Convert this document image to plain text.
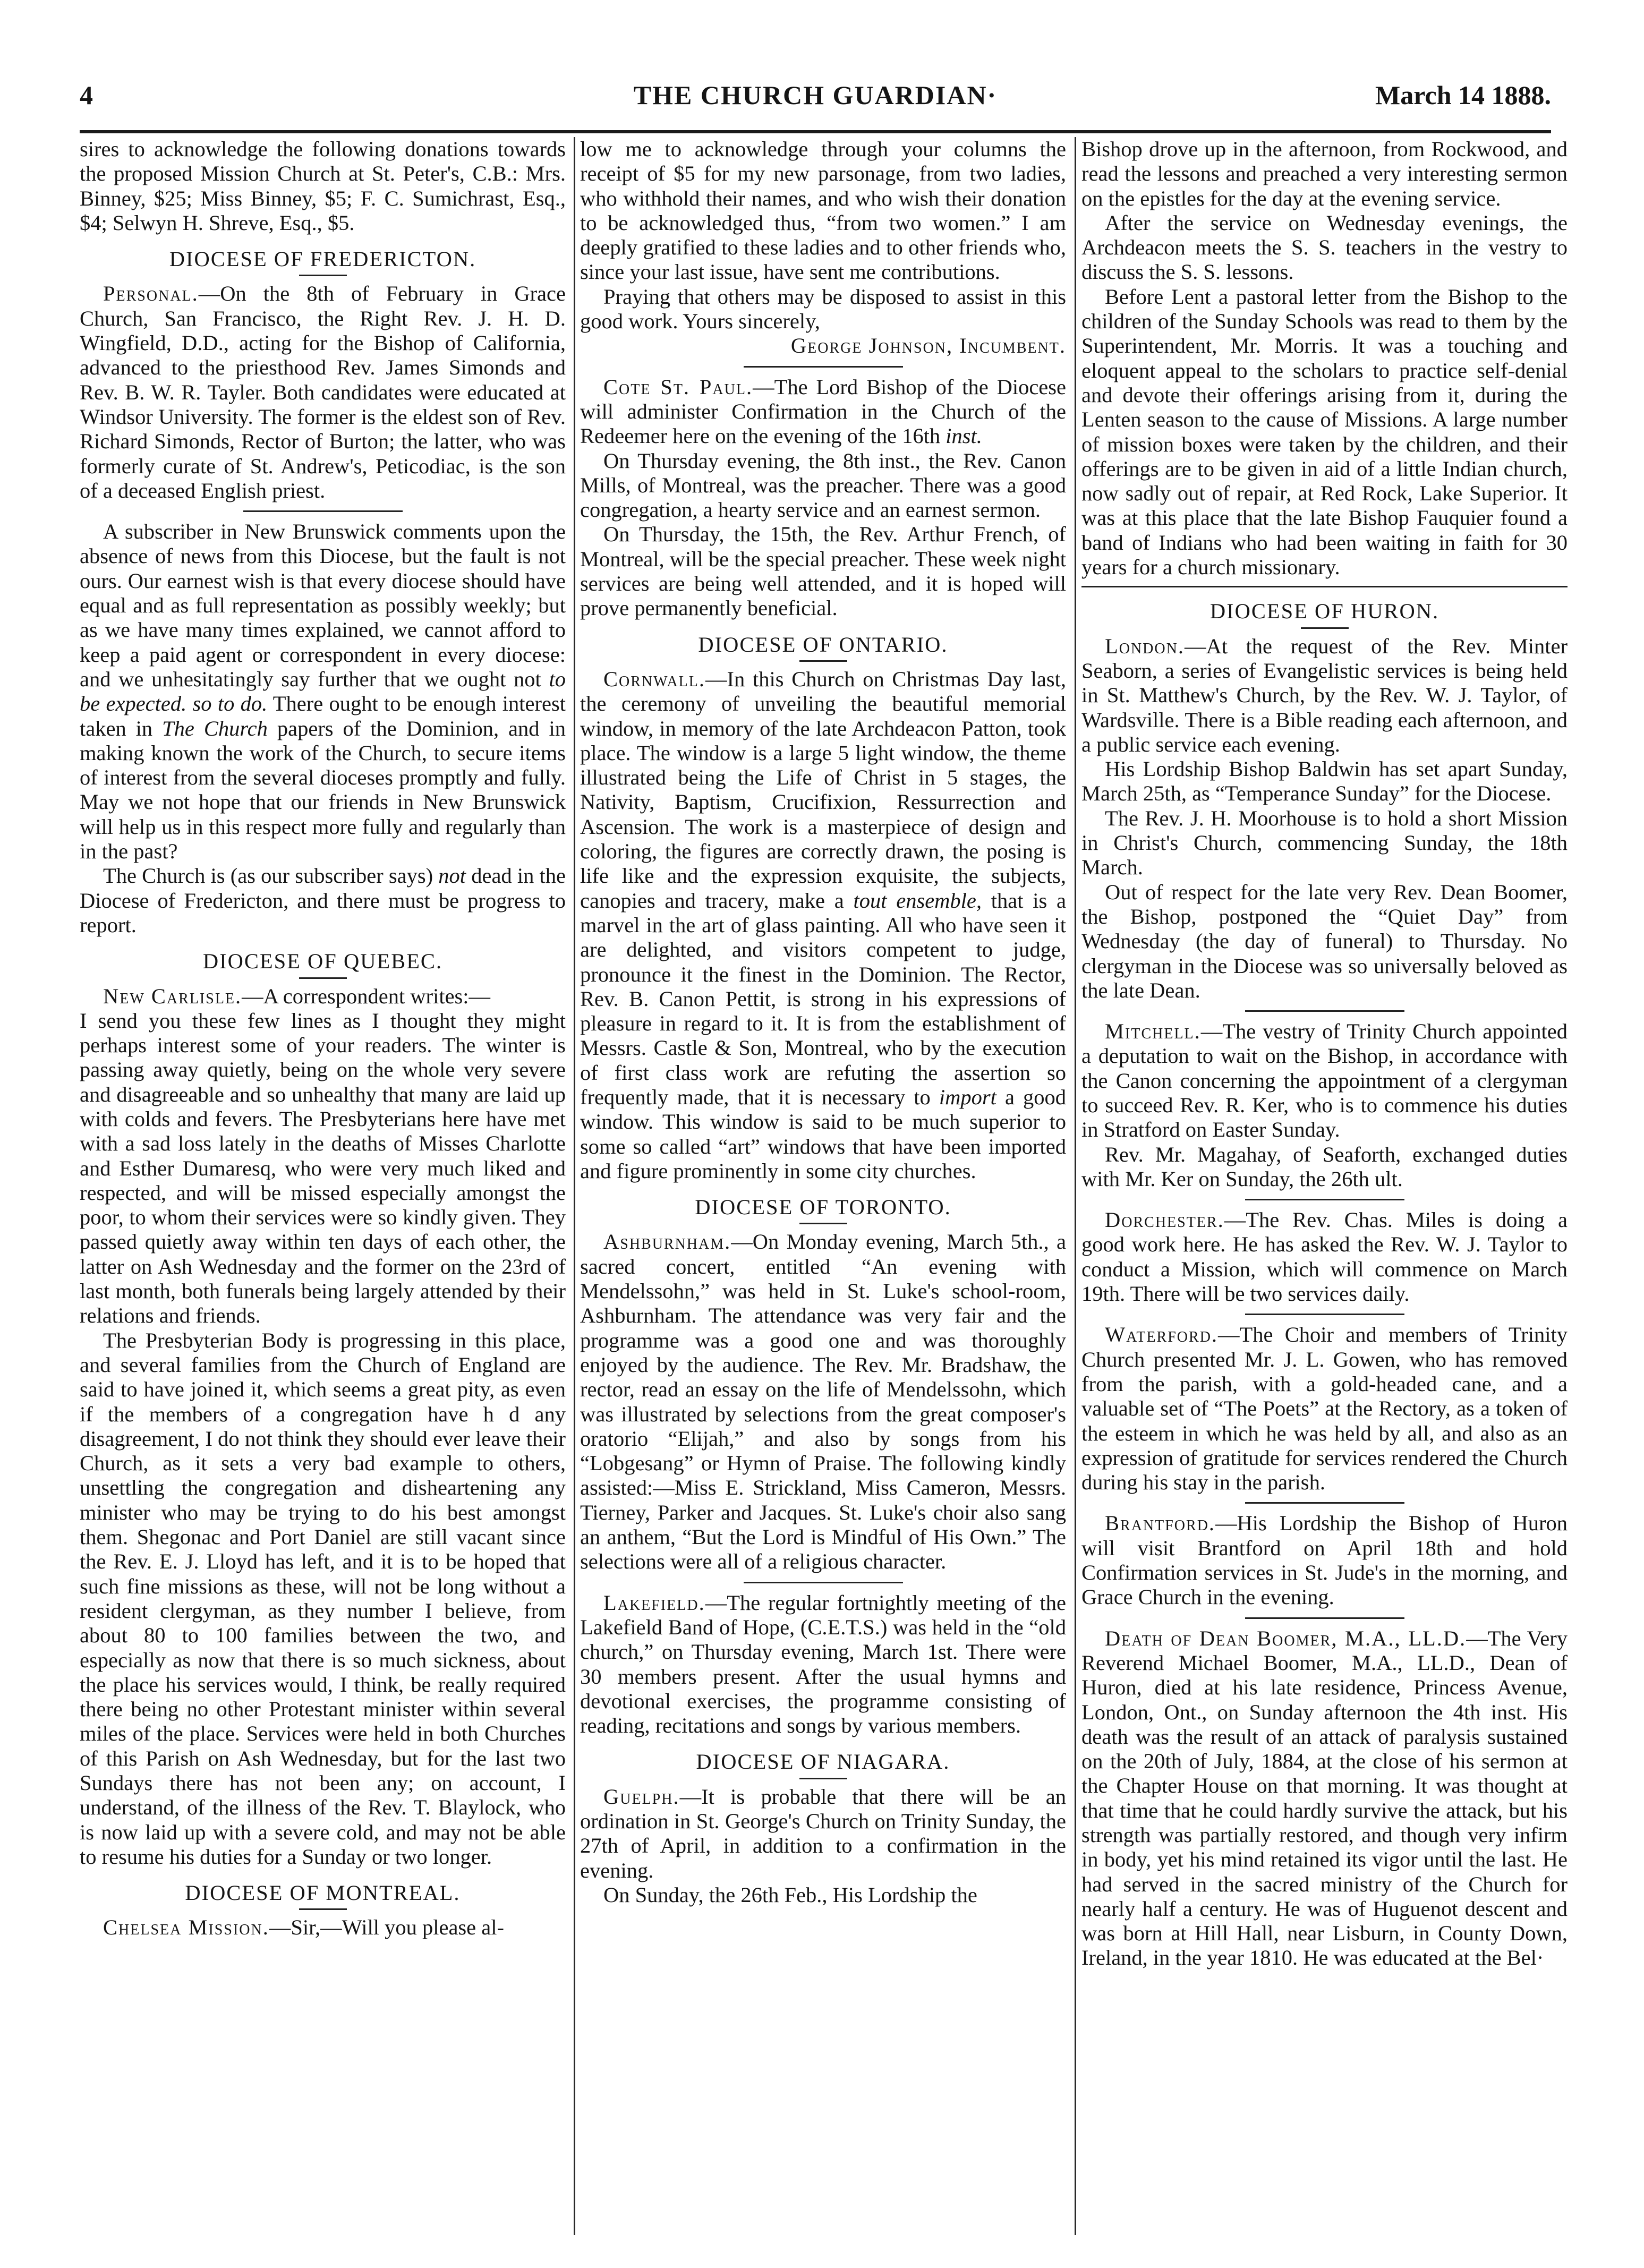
4	THE CHURCH GUARDIAN·	March 14 1888.

sires to acknowledge the following donations towards the proposed Mission Church at St. Peter's, C.B.: Mrs. Binney, $25; Miss Binney, $5; F. C. Sumichrast, Esq., $4; Selwyn H. Shreve, Esq., $5.

DIOCESE OF FREDERICTON.

Personal.—On the 8th of February in Grace Church, San Francisco, the Right Rev. J. H. D. Wingfield, D.D., acting for the Bishop of California, advanced to the priesthood Rev. James Simonds and Rev. B. W. R. Tayler. Both candidates were educated at Windsor University. The former is the eldest son of Rev. Richard Simonds, Rector of Burton; the latter, who was formerly curate of St. Andrew's, Peticodiac, is the son of a deceased English priest.

A subscriber in New Brunswick comments upon the absence of news from this Diocese, but the fault is not ours. Our earnest wish is that every diocese should have equal and as full representation as possibly weekly; but as we have many times explained, we cannot afford to keep a paid agent or correspondent in every diocese: and we unhesitatingly say further that we ought not to be expected. so to do. There ought to be enough interest taken in The Church papers of the Dominion, and in making known the work of the Church, to secure items of interest from the several dioceses promptly and fully. May we not hope that our friends in New Brunswick will help us in this respect more fully and regularly than in the past?

The Church is (as our subscriber says) not dead in the Diocese of Fredericton, and there must be progress to report.

DIOCESE OF QUEBEC.

New Carlisle.—A correspondent writes:—

I send you these few lines as I thought they might perhaps interest some of your readers. The winter is passing away quietly, being on the whole very severe and disagreeable and so unhealthy that many are laid up with colds and fevers. The Presbyterians here have met with a sad loss lately in the deaths of Misses Charlotte and Esther Dumaresq, who were very much liked and respected, and will be missed especially amongst the poor, to whom their services were so kindly given. They passed quietly away within ten days of each other, the latter on Ash Wednesday and the former on the 23rd of last month, both funerals being largely attended by their relations and friends.

The Presbyterian Body is progressing in this place, and several families from the Church of England are said to have joined it, which seems a great pity, as even if the members of a congregation have h d any disagreement, I do not think they should ever leave their Church, as it sets a very bad example to others, unsettling the congregation and disheartening any minister who may be trying to do his best amongst them. Shegonac and Port Daniel are still vacant since the Rev. E. J. Lloyd has left, and it is to be hoped that such fine missions as these, will not be long without a resident clergyman, as they number I believe, from about 80 to 100 families between the two, and especially as now that there is so much sickness, about the place his services would, I think, be really required there being no other Protestant minister within several miles of the place. Services were held in both Churches of this Parish on Ash Wednesday, but for the last two Sundays there has not been any; on account, I understand, of the illness of the Rev. T. Blaylock, who is now laid up with a severe cold, and may not be able to resume his duties for a Sunday or two longer.

DIOCESE OF MONTREAL.

Chelsea Mission.—Sir,—Will you please al-

low me to acknowledge through your columns the receipt of $5 for my new parsonage, from two ladies, who withhold their names, and who wish their donation to be acknowledged thus, “from two women.” I am deeply gratified to these ladies and to other friends who, since your last issue, have sent me contributions.

Praying that others may be disposed to assist in this good work. Yours sincerely,

George Johnson, Incumbent.

Cote St. Paul.—The Lord Bishop of the Diocese will administer Confirmation in the Church of the Redeemer here on the evening of the 16th inst.

On Thursday evening, the 8th inst., the Rev. Canon Mills, of Montreal, was the preacher. There was a good congregation, a hearty service and an earnest sermon.

On Thursday, the 15th, the Rev. Arthur French, of Montreal, will be the special preacher. These week night services are being well attended, and it is hoped will prove permanently beneficial.

DIOCESE OF ONTARIO.

Cornwall.—In this Church on Christmas Day last, the ceremony of unveiling the beautiful memorial window, in memory of the late Archdeacon Patton, took place. The window is a large 5 light window, the theme illustrated being the Life of Christ in 5 stages, the Nativity, Baptism, Crucifixion, Ressurrection and Ascension. The work is a masterpiece of design and coloring, the figures are correctly drawn, the posing is life like and the expression exquisite, the subjects, canopies and tracery, make a tout ensemble, that is a marvel in the art of glass painting. All who have seen it are delighted, and visitors competent to judge, pronounce it the finest in the Dominion. The Rector, Rev. B. Canon Pettit, is strong in his expressions of pleasure in regard to it. It is from the establishment of Messrs. Castle & Son, Montreal, who by the execution of first class work are refuting the assertion so frequently made, that it is necessary to import a good window. This window is said to be much superior to some so called “art” windows that have been imported and figure prominently in some city churches.

DIOCESE OF TORONTO.

Ashburnham.—On Monday evening, March 5th., a sacred concert, entitled “An evening with Mendelssohn,” was held in St. Luke's school-room, Ashburnham. The attendance was very fair and the programme was a good one and was thoroughly enjoyed by the audience. The Rev. Mr. Bradshaw, the rector, read an essay on the life of Mendelssohn, which was illustrated by selections from the great composer's oratorio “Elijah,” and also by songs from his “Lobgesang” or Hymn of Praise. The following kindly assisted:—Miss E. Strickland, Miss Cameron, Messrs. Tierney, Parker and Jacques. St. Luke's choir also sang an anthem, “But the Lord is Mindful of His Own.” The selections were all of a religious character.

Lakefield.—The regular fortnightly meeting of the Lakefield Band of Hope, (C.E.T.S.) was held in the “old church,” on Thursday evening, March 1st. There were 30 members present. After the usual hymns and devotional exercises, the programme consisting of reading, recitations and songs by various members.

DIOCESE OF NIAGARA.

Guelph.—It is probable that there will be an ordination in St. George's Church on Trinity Sunday, the 27th of April, in addition to a confirmation in the evening.

On Sunday, the 26th Feb., His Lordship the

Bishop drove up in the afternoon, from Rockwood, and read the lessons and preached a very interesting sermon on the epistles for the day at the evening service.

After the service on Wednesday evenings, the Archdeacon meets the S. S. teachers in the vestry to discuss the S. S. lessons.

Before Lent a pastoral letter from the Bishop to the children of the Sunday Schools was read to them by the Superintendent, Mr. Morris. It was a touching and eloquent appeal to the scholars to practice self-denial and devote their offerings arising from it, during the Lenten season to the cause of Missions. A large number of mission boxes were taken by the children, and their offerings are to be given in aid of a little Indian church, now sadly out of repair, at Red Rock, Lake Superior. It was at this place that the late Bishop Fauquier found a band of Indians who had been waiting in faith for 30 years for a church missionary.

DIOCESE OF HURON.

London.—At the request of the Rev. Minter Seaborn, a series of Evangelistic services is being held in St. Matthew's Church, by the Rev. W. J. Taylor, of Wardsville. There is a Bible reading each afternoon, and a public service each evening.

His Lordship Bishop Baldwin has set apart Sunday, March 25th, as “Temperance Sunday” for the Diocese.

The Rev. J. H. Moorhouse is to hold a short Mission in Christ's Church, commencing Sunday, the 18th March.

Out of respect for the late very Rev. Dean Boomer, the Bishop, postponed the “Quiet Day” from Wednesday (the day of funeral) to Thursday. No clergyman in the Diocese was so universally beloved as the late Dean.

Mitchell.—The vestry of Trinity Church appointed a deputation to wait on the Bishop, in accordance with the Canon concerning the appointment of a clergyman to succeed Rev. R. Ker, who is to commence his duties in Stratford on Easter Sunday.

Rev. Mr. Magahay, of Seaforth, exchanged duties with Mr. Ker on Sunday, the 26th ult.

Dorchester.—The Rev. Chas. Miles is doing a good work here. He has asked the Rev. W. J. Taylor to conduct a Mission, which will commence on March 19th. There will be two services daily.

Waterford.—The Choir and members of Trinity Church presented Mr. J. L. Gowen, who has removed from the parish, with a gold-headed cane, and a valuable set of “The Poets” at the Rectory, as a token of the esteem in which he was held by all, and also as an expression of gratitude for services rendered the Church during his stay in the parish.

Brantford.—His Lordship the Bishop of Huron will visit Brantford on April 18th and hold Confirmation services in St. Jude's in the morning, and Grace Church in the evening.

Death of Dean Boomer, M.A., LL.D.—The Very Reverend Michael Boomer, M.A., LL.D., Dean of Huron, died at his late residence, Princess Avenue, London, Ont., on Sunday afternoon the 4th inst. His death was the result of an attack of paralysis sustained on the 20th of July, 1884, at the close of his sermon at the Chapter House on that morning. It was thought at that time that he could hardly survive the attack, but his strength was partially restored, and though very infirm in body, yet his mind retained its vigor until the last. He had served in the sacred ministry of the Church for nearly half a century. He was of Huguenot descent and was born at Hill Hall, near Lisburn, in County Down, Ireland, in the year 1810. He was educated at the Bel·
